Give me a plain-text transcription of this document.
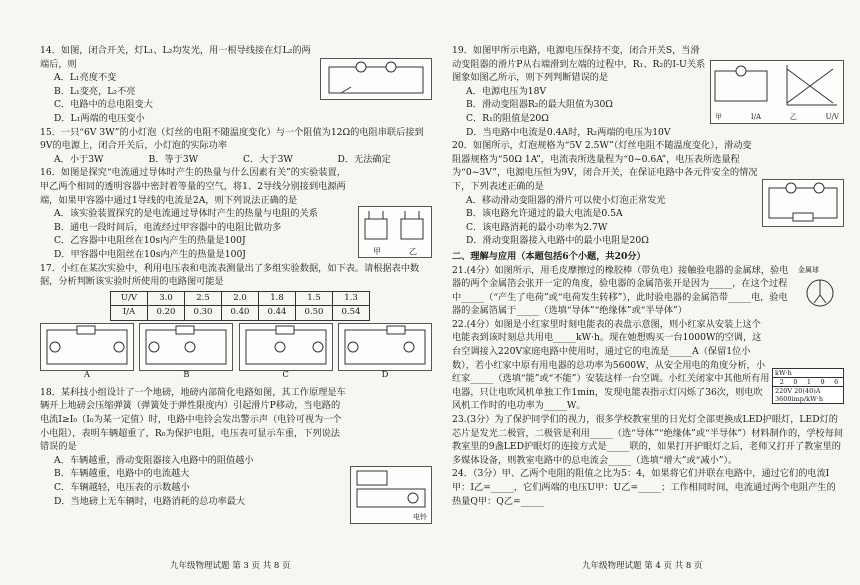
14．如图，闭合开关，灯L₁、L₂均发光，用一根导线接在灯L₂的两端后，则

A．L₁亮度不变

B．L₁变亮，L₂不亮

C．电路中的总电阻变大

D．L₁两端的电压变小

15．一只“6V 3W”的小灯泡（灯丝的电阻不随温度变化）与一个阻值为12Ω的电阻串联后接到9V的电源上，闭合开关后，小灯泡的实际功率

A．小于3W	B．等于3W	C．大于3W	D．无法确定

16．如图是探究“电流通过导体时产生的热量与什么因素有关”的实验装置，甲乙两个相同的透明容器中密封着等量的空气，将1、2导线分别接到电源两端，如果甲容器中通过1导线的电流是2A，则下列说法正确的是

A．该实验装置探究的是电流通过导体时产生的热量与电阻的关系

B．通电一段时间后，电流经过甲容器中的电阻比做功多

C．乙容器中电阻丝在10s内产生的热量是100J

D．甲容器中电阻丝在10s内产生的热量是100J	甲	乙

17．小红在某次实验中，利用电压表和电流表测量出了多组实验数据，如下表。请根据表中数据，分析判断该实验时所使用的电路图可能是

U/V	3.0	2.5	2.0	1.8	1.5	1.3
I/A	0.20	0.30	0.40	0.44	0.50	0.54
A	B	C	D

18．某科技小组设计了一个地磅，地磅内部简化电路如图，其工作原理是车辆开上地磅会压缩弹簧（弹簧处于弹性限度内）引起滑片P移动，当电路的电流I≥I₀（I₀为某一定值）时，电路中电铃会发出警示声（电铃可视为一个小电阻），表明车辆超重了，R₀为保护电阻，电压表可显示车重，下列说法错误的是

A．车辆越重，滑动变阻器接入电路中的阻值越小

B．车辆越重，电路中的电流越大

C．车辆越轻，电压表的示数越小

D．当地磅上无车辆时，电路消耗的总功率最大

电铃
九年级物理试题 第 3 页 共 8 页

19．如图甲所示电路，电源电压保持不变，闭合开关S，当滑动变阻器的滑片P从右端滑到左端的过程中，R₁、R₂的I-U关系图象如图乙所示，则下列判断错误的是

A．电源电压为18V

B．滑动变阻器R₂的最大阻值为30Ω

C．R₁的阻值是20Ω

D．当电路中电流是0.4A时，R₂两端的电压为10V

甲	I/A	乙	U/V

20．如图所示，灯泡规格为“5V 2.5W”（灯丝电阻不随温度变化），滑动变阻器规格为“50Ω 1A”，电流表所选量程为“0~0.6A”，电压表所选量程为“0~3V”，电源电压恒为9V，闭合开关，在保证电路中各元件安全的情况下，下列表述正确的是

A．移动滑动变阻器的滑片可以使小灯泡正常发光

B．该电路允许通过的最大电流是0.5A

C．该电路消耗的最小功率为2.7W

D．滑动变阻器接入电路中的最小电阻是20Ω

二、理解与应用（本题包括6个小题，共20分）

21.(4分）如图所示，用毛皮摩擦过的橡胶棒（带负电）接触验电器的金属球，验电器的两个金属箔会张开一定的角度，验电器的金属箔张开是因为_____，在这个过程中_____（“产生了电荷”或“电荷发生转移”），此时验电器的金属箔带_____电，验电器的金属箔属于_____（选填“导体”“绝缘体”或“半导体”）

金属球

22.(4分）如图是小红家里时刻电能表的表盘示意图，则小红家从安装上这个电能表到该时刻总共用电_____kW·h。现在她想购买一台1000W的空调，这台空调接入220V家庭电路中使用时，通过它的电流是_____A（保留1位小数），若小红家中原有用电器的总功率为5600W，从安全用电的角度分析，小红家_____（选填“能”或“不能”）安装这样一台空调。小红关闭家中其他所有用电器，只让电吹风机单独工作1min，发现电能表指示灯闪烁了36次，则电吹风机工作时的电功率为_____W。

kW·h
2	0	1	9	6
220V 20(40)A
3600imp/kW·h

23.(3分）为了保护同学们的视力，很多学校教室里的日光灯全部更换成LED护眼灯，LED灯的芯片是发光二极管，二极管是利用_____（选“导体”“绝缘体”或“半导体”）材料制作的，学校每间教室里的9盏LED护眼灯的连接方式是_____联的，如果打开护眼灯之后，老师又打开了教室里的多媒体设备，则教室电路中的总电流会_____（选填“增大”或“减小”）。

24．（3分）甲、乙两个电阻的阻值之比为5：4，如果将它们并联在电路中，通过它们的电流I甲：I乙=_____，它们两端的电压U甲：U乙=_____；工作相同时间，电流通过两个电阻产生的热量Q甲：Q乙=_____

九年级物理试题 第 4 页 共 8 页
